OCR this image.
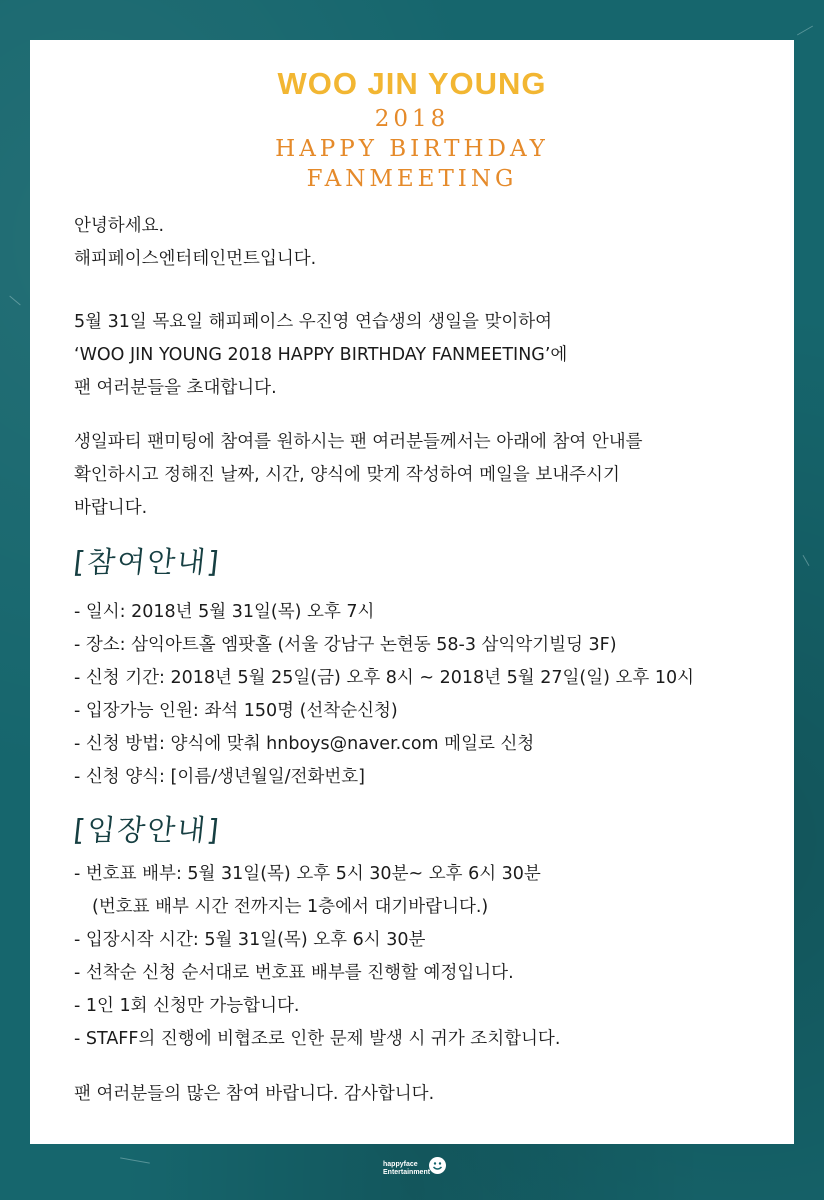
WOO JIN YOUNG
2018
HAPPY BIRTHDAY
FANMEETING
안녕하세요.
해피페이스엔터테인먼트입니다.
5월 31일 목요일 해피페이스 우진영 연습생의 생일을 맞이하여
‘WOO JIN YOUNG 2018 HAPPY BIRTHDAY FANMEETING’에
팬 여러분들을 초대합니다.
생일파티 팬미팅에 참여를 원하시는 팬 여러분들께서는 아래에 참여 안내를
확인하시고 정해진 날짜, 시간, 양식에 맞게 작성하여 메일을 보내주시기
바랍니다.
[참여안내]
- 일시: 2018년 5월 31일(목) 오후 7시
- 장소: 삼익아트홀 엠팟홀 (서울 강남구 논현동 58-3 삼익악기빌딩 3F)
- 신청 기간: 2018년 5월 25일(금) 오후 8시 ~ 2018년 5월 27일(일) 오후 10시
- 입장가능 인원: 좌석 150명 (선착순신청)
- 신청 방법: 양식에 맞춰 hnboys@naver.com 메일로 신청
- 신청 양식: [이름/생년월일/전화번호]
[입장안내]
- 번호표 배부: 5월 31일(목) 오후 5시 30분~ 오후 6시 30분
(번호표 배부 시간 전까지는 1층에서 대기바랍니다.)
- 입장시작 시간: 5월 31일(목) 오후 6시 30분
- 선착순 신청 순서대로 번호표 배부를 진행할 예정입니다.
- 1인 1회 신청만 가능합니다.
- STAFF의 진행에 비협조로 인한 문제 발생 시 귀가 조치합니다.
팬 여러분들의 많은 참여 바랍니다. 감사합니다.
happyface
Entertainment
